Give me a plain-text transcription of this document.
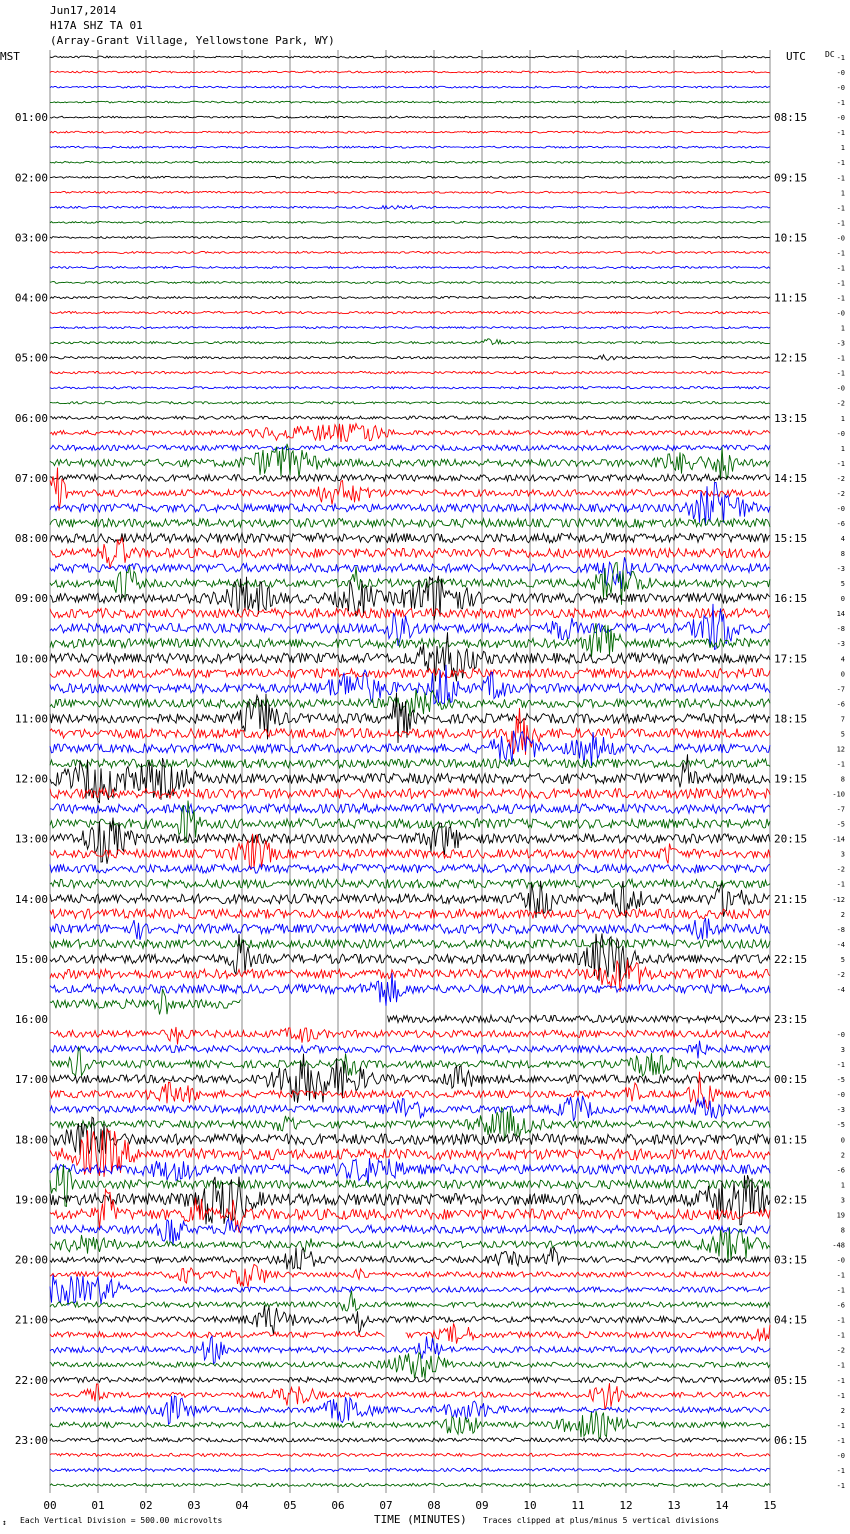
Jun17,2014
H17A SHZ TA 01
(Array-Grant Village, Yellowstone Park, WY)
MST	UTC DC
01:00
02:00
03:00
04:00
05:00
06:00
07:00
08:00
09:00
10:00
11:00
12:00
13:00
14:00
15:00
16:00
17:00
18:00
19:00
20:00
21:00
22:00
23:00
08:15
09:15
10:15
11:15
12:15
13:15
14:15
15:15
16:15
17:15
18:15
19:15
20:15
21:15
22:15
23:15
00:15
01:15
02:15
03:15
04:15
05:15
06:15
-1
-0
-0
-1
-0
-1
1
-1
-1
1
-1
-1
-0
-1
-1
-1
-1
-0
1
-3
-1
-1
-0
-2
1
-0
1
-1
-2
-2
-0
-6
4
8
-3
5
0
14
-8
-3
4
0
-7
-6
7
5
12
-1
8
-10
-7
-5
-14
3
-2
-1
-12
2
-8
-4
5
-2
-4
-0
3
-1
-5
-0
-3
-5
0
2
-6
1
3
19
8
-48
-0
-1
-1
-6
-1
-1
-2
-1
-1
-1
2
-1
-1
-0
-1
-1
00	01	02	03	04	05	06	07	08	09	10	11	12	13	14	15
↕ Each Vertical Division = 500.00 microvolts	TIME (MINUTES) Traces clipped at plus/minus 5 vertical divisions
